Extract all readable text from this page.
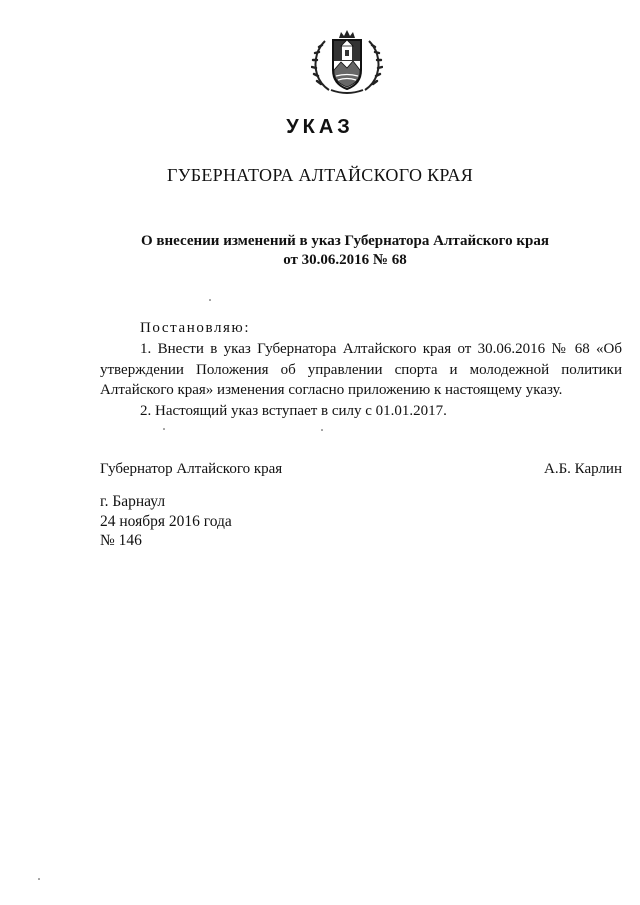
УКАЗ
ГУБЕРНАТОРА АЛТАЙСКОГО КРАЯ
О внесении изменений в указ Губернатора Алтайского края
от 30.06.2016 № 68
Постановляю:

1. Внести в указ Губернатора Алтайского края от 30.06.2016 № 68 «Об утверждении Положения об управлении спорта и молодежной политики Алтайского края» изменения согласно приложению к настоящему указу.

2. Настоящий указ вступает в силу с 01.01.2017.

Губернатор Алтайского края	А.Б. Карлин
г. Барнаул
24 ноября 2016 года
№ 146
